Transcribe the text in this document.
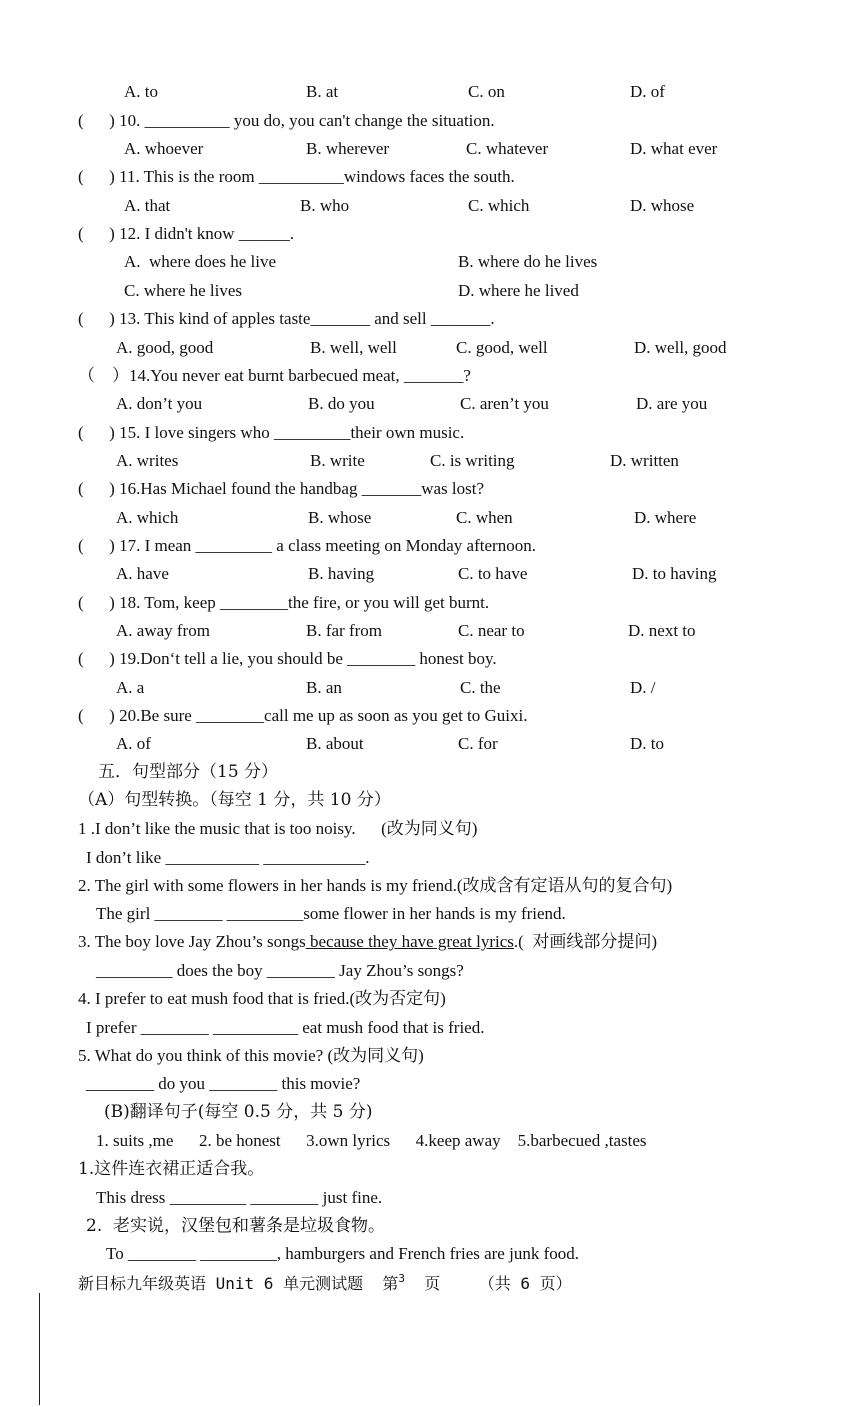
A. to	B. at	C. on	D. of
(      ) 10. __________ you do, you can't change the situation.
A. whoever	B. wherever	C. whatever	D. what ever
(      ) 11. This is the room __________windows faces the south.
A. that	B. who	C. which	D. whose
(      ) 12. I didn't know ______.
A.  where does he live	B. where do he lives
C. where he lives	D. where he lived
(      ) 13. This kind of apples taste_______ and sell _______.
A. good, good	B. well, well	C. good, well	D. well, good
（    ）14.You never eat burnt barbecued meat, _______?
A. don’t you	B. do you	C. aren’t you	D. are you
(      ) 15. I love singers who _________their own music.
A. writes	B. write	C. is writing	D. written
(      ) 16.Has Michael found the handbag _______was lost?
A. which	B. whose	C. when	D. where
(      ) 17. I mean _________ a class meeting on Monday afternoon.
A. have	B. having	C. to have	D. to having
(      ) 18. Tom, keep ________the fire, or you will get burnt.
A. away from	B. far from	C. near to	D. next to
(      ) 19.Don‘t tell a lie, you should be ________ honest boy.
A. a	B. an	C. the	D. /
(      ) 20.Be sure ________call me up as soon as you get to Guixi.
A. of	B. about	C. for	D. to
五．句型部分（15 分）
（A）句型转换。（每空 1 分，共 10 分）
1 .I don’t like the music that is too noisy.      (改为同义句)
I don’t like ___________ ____________.
2. The girl with some flowers in her hands is my friend.(改成含有定语从句的复合句)
The girl ________ _________some flower in her hands is my friend.
3. The boy love Jay Zhou’s songs because they have great lyrics.(  对画线部分提问)
_________ does the boy ________ Jay Zhou’s songs?
4. I prefer to eat mush food that is fried.(改为否定句)
I prefer ________ __________ eat mush food that is fried.
5. What do you think of this movie? (改为同义句)
________ do you ________ this movie?
(B)翻译句子(每空 0.5 分，共 5 分)
1. suits ,me      2. be honest      3.own lyrics      4.keep away    5.barbecued ,tastes
1.这件连衣裙正适合我。
This dress _________ ________ just fine.
2.  老实说，汉堡包和薯条是垃圾食物。
To ________ _________, hamburgers and French fries are junk food.
新目标九年级英语 Unit 6 单元测试题  第$^3$  页 （共 6 页）
